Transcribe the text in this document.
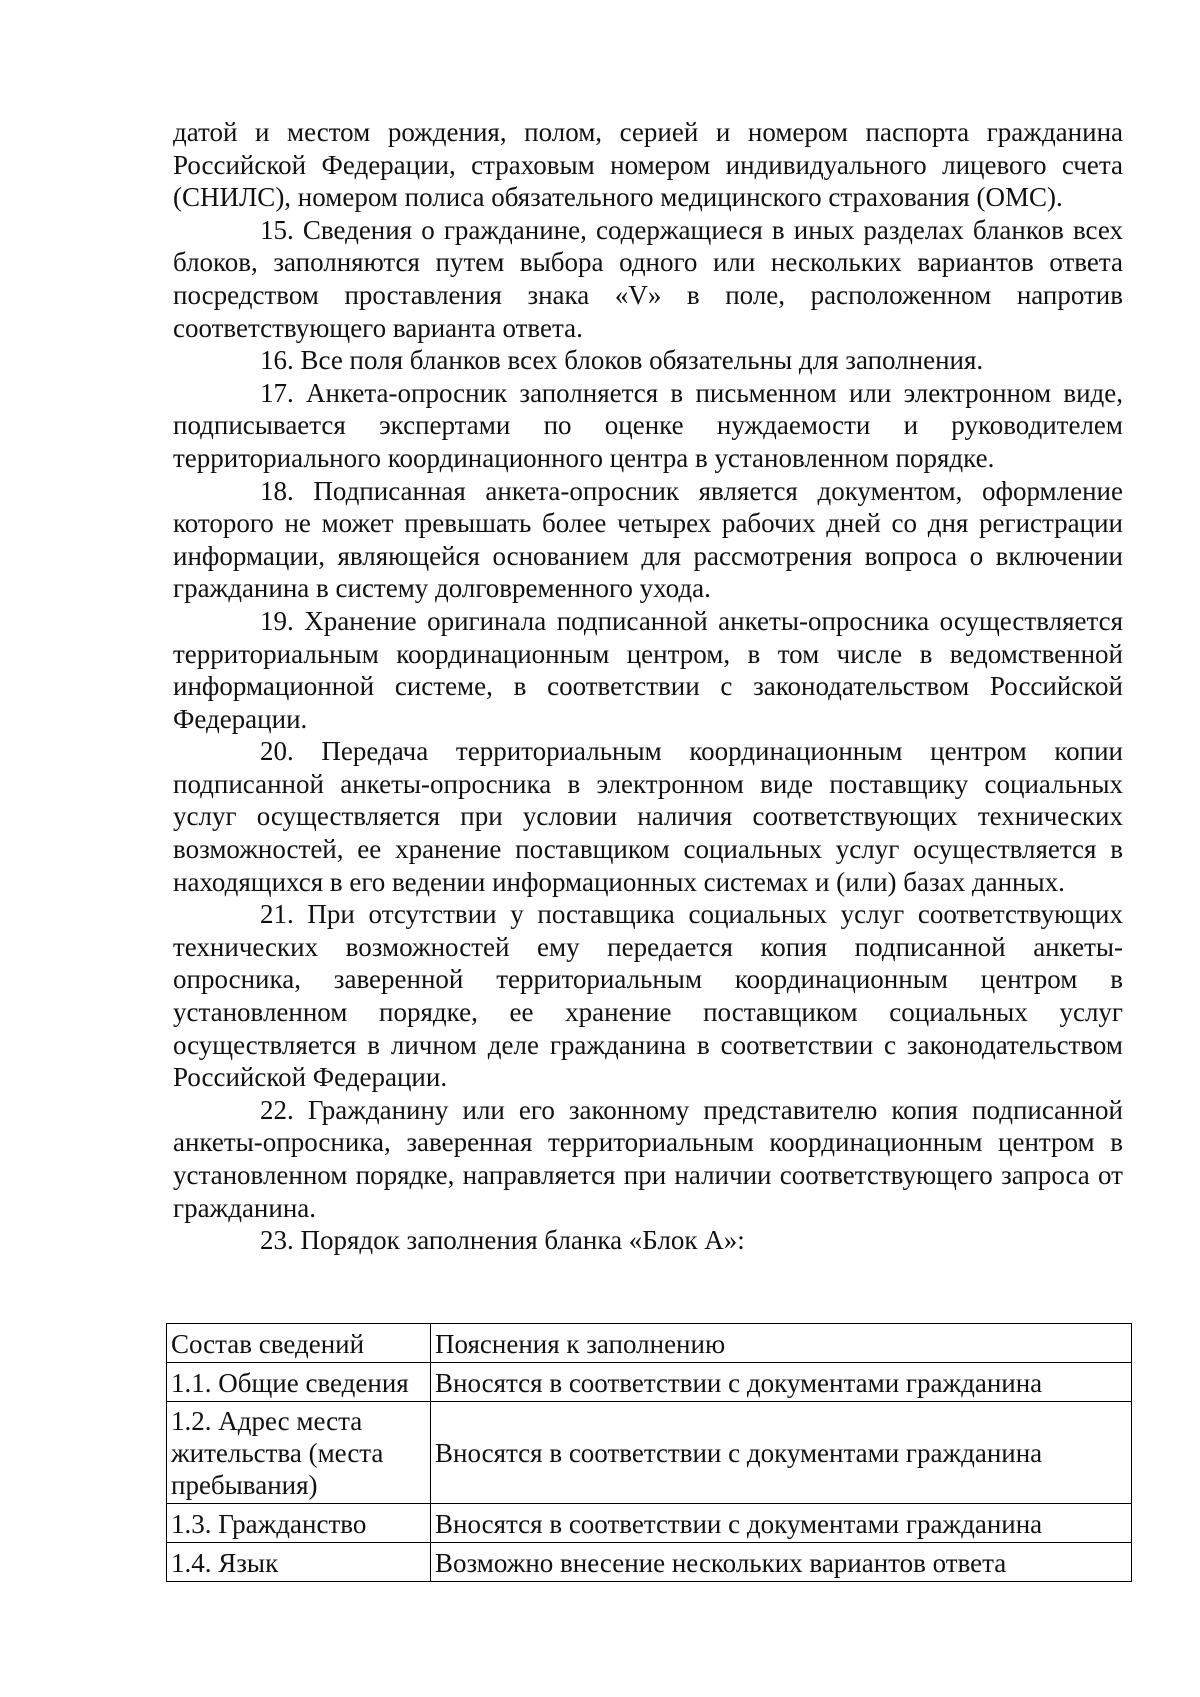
датой и местом рождения, полом, серией и номером паспорта гражданина Российской Федерации, страховым номером индивидуального лицевого счета (СНИЛС), номером полиса обязательного медицинского страхования (ОМС).

15. Сведения о гражданине, содержащиеся в иных разделах бланков всех блоков, заполняются путем выбора одного или нескольких вариантов ответа посредством проставления знака «V» в поле, расположенном напротив соответствующего варианта ответа.

16. Все поля бланков всех блоков обязательны для заполнения.

17. Анкета-опросник заполняется в письменном или электронном виде, подписывается экспертами по оценке нуждаемости и руководителем территориального координационного центра в установленном порядке.

18. Подписанная анкета-опросник является документом, оформление которого не может превышать более четырех рабочих дней со дня регистрации информации, являющейся основанием для рассмотрения вопроса о включении гражданина в систему долговременного ухода.

19. Хранение оригинала подписанной анкеты-опросника осуществляется территориальным координационным центром, в том числе в ведомственной информационной системе, в соответствии с законодательством Российской Федерации.

20. Передача территориальным координационным центром копии подписанной анкеты-опросника в электронном виде поставщику социальных услуг осуществляется при условии наличия соответствующих технических возможностей, ее хранение поставщиком социальных услуг осуществляется в находящихся в его ведении информационных системах и (или) базах данных.

21. При отсутствии у поставщика социальных услуг соответствующих технических возможностей ему передается копия подписанной анкеты-опросника, заверенной территориальным координационным центром в установленном порядке, ее хранение поставщиком социальных услуг осуществляется в личном деле гражданина в соответствии с законодательством Российской Федерации.

22. Гражданину или его законному представителю копия подписанной анкеты-опросника, заверенная территориальным координационным центром в установленном порядке, направляется при наличии соответствующего запроса от гражданина.

23. Порядок заполнения бланка «Блок А»:

Состав сведений	Пояснения к заполнению
1.1. Общие сведения	Вносятся в соответствии с документами гражданина
1.2. Адрес места жительства (места пребывания)	Вносятся в соответствии с документами гражданина
1.3. Гражданство	Вносятся в соответствии с документами гражданина
1.4. Язык	Возможно внесение нескольких вариантов ответа
